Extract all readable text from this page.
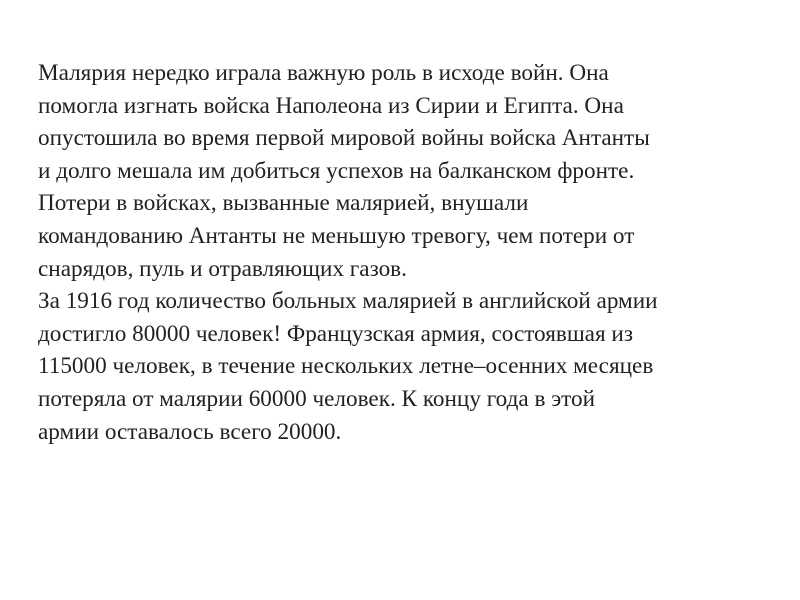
Малярия нередко играла важную роль в исходе войн. Она
помогла изгнать войска Наполеона из Сирии и Египта. Она
опустошила во время первой мировой войны войска Антанты
и долго мешала им добиться успехов на балканском фронте.
Потери в войсках, вызванные малярией, внушали
командованию Антанты не меньшую тревогу, чем потери от
снарядов, пуль и отравляющих газов.
За 1916 год количество больных малярией в английской армии
достигло 80000 человек! Французская армия, состоявшая из
115000 человек, в течение нескольких летне–осенних месяцев
потеряла от малярии 60000 человек. К концу года в этой
армии оставалось всего 20000.
